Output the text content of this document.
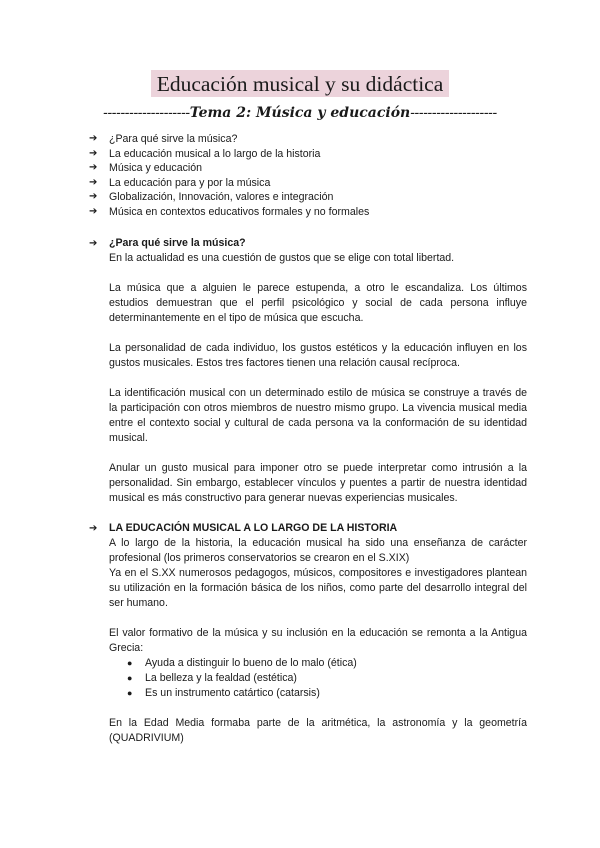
Educación musical y su didáctica
--------------------Tema 2: Música y educación--------------------
➔ ¿Para qué sirve la música?
➔ La educación musical a lo largo de la historia
➔ Música y educación
➔ La educación para y por la música
➔ Globalización, Innovación, valores e integración
➔ Música en contextos educativos formales y no formales
➔ ¿Para qué sirve la música?

En la actualidad es una cuestión de gustos que se elige con total libertad.

La música que a alguien le parece estupenda, a otro le escandaliza. Los últimos estudios demuestran que el perfil psicológico y social de cada persona influye determinantemente en el tipo de música que escucha.

La personalidad de cada individuo, los gustos estéticos y la educación influyen en los gustos musicales. Estos tres factores tienen una relación causal recíproca.

La identificación musical con un determinado estilo de música se construye a través de la participación con otros miembros de nuestro mismo grupo. La vivencia musical media entre el contexto social y cultural de cada persona va la conformación de su identidad musical.

Anular un gusto musical para imponer otro se puede interpretar como intrusión a la personalidad. Sin embargo, establecer vínculos y puentes a partir de nuestra identidad musical es más constructivo para generar nuevas experiencias musicales.

➔ LA EDUCACIÓN MUSICAL A LO LARGO DE LA HISTORIA

A lo largo de la historia, la educación musical ha sido una enseñanza de carácter profesional (los primeros conservatorios se crearon en el S.XIX)

Ya en el S.XX numerosos pedagogos, músicos, compositores e investigadores plantean su utilización en la formación básica de los niños, como parte del desarrollo integral del ser humano.

El valor formativo de la música y su inclusión en la educación se remonta a la Antigua Grecia:

● Ayuda a distinguir lo bueno de lo malo (ética)
● La belleza y la fealdad (estética)
● Es un instrumento catártico (catarsis)

En la Edad Media formaba parte de la aritmética, la astronomía y la geometría (QUADRIVIUM)
